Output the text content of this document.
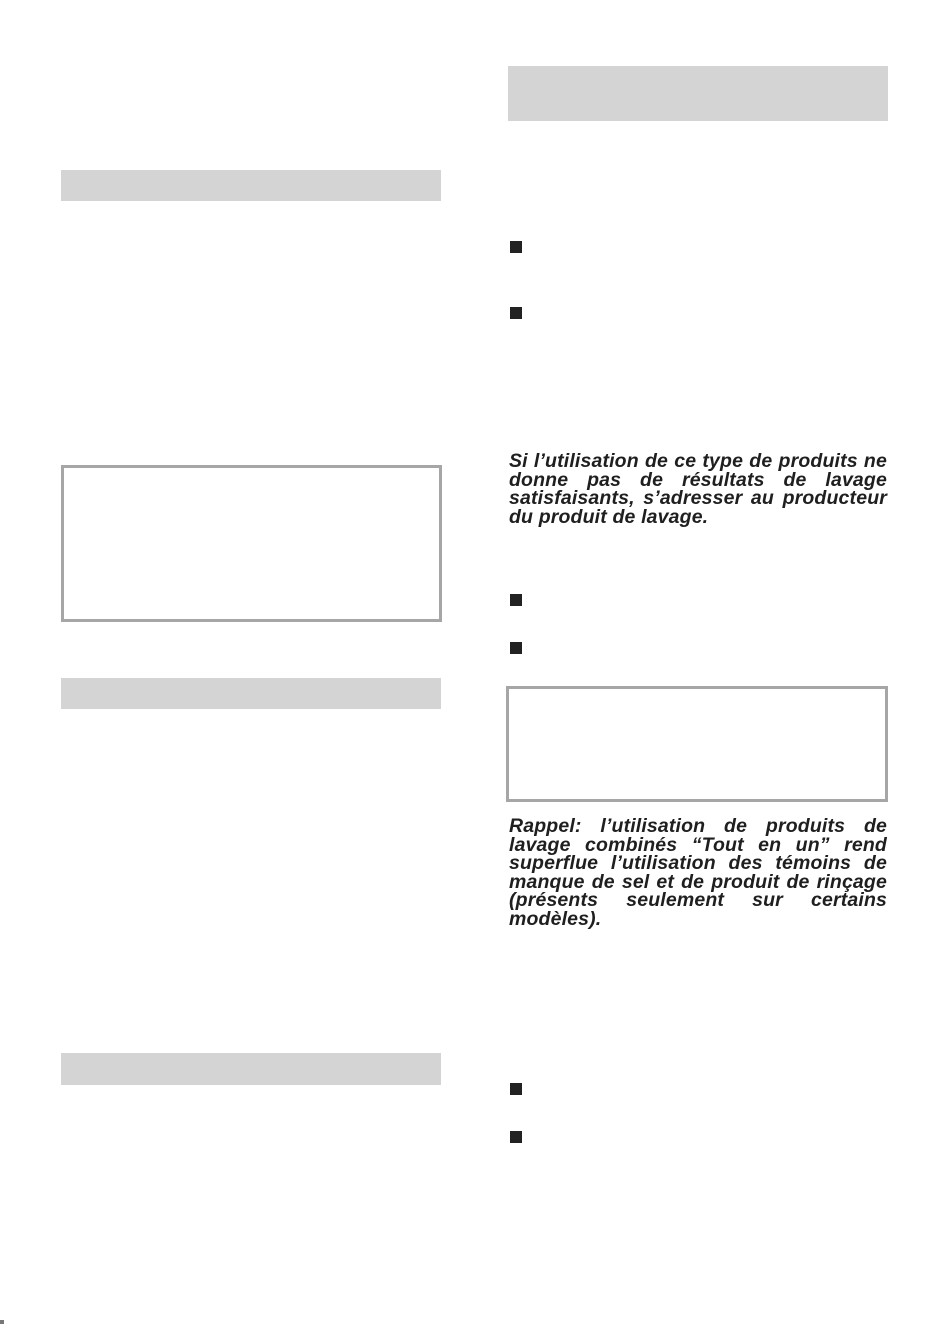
Si l’utilisation de ce type de produits ne donne pas de résultats de lavage satisfaisants, s’adresser au producteur du produit de lavage.

Rappel: l’utilisation de produits de lavage combinés “Tout en un” rend superflue l’utilisation des témoins de manque de sel et de produit de rinçage (présents seulement sur certains modèles).
